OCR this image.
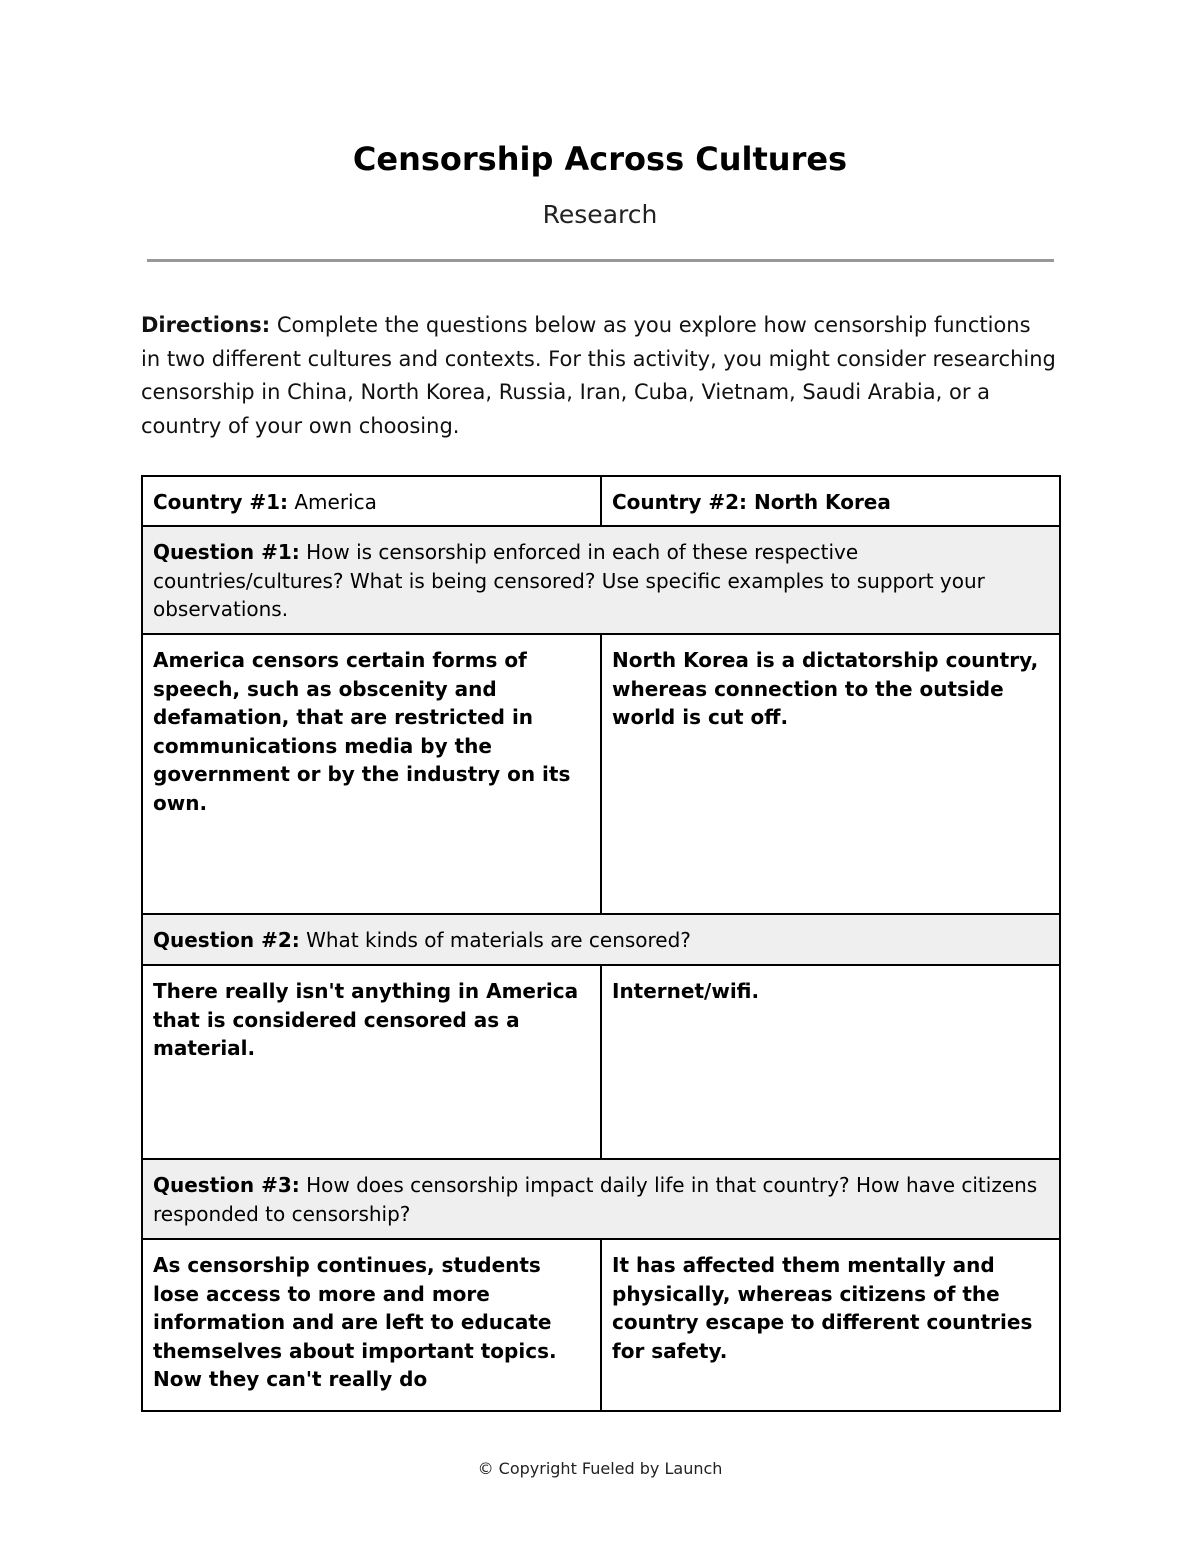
Censorship Across Cultures
Research
Directions: Complete the questions below as you explore how censorship functions in two different cultures and contexts. For this activity, you might consider researching censorship in China, North Korea, Russia, Iran, Cuba, Vietnam, Saudi Arabia, or a country of your own choosing.
Country #1: America	Country #2: North Korea
Question #1: How is censorship enforced in each of these respective countries/cultures? What is being censored? Use specific examples to support your observations.	
America censors certain forms of speech, such as obscenity and defamation, that are restricted in communications media by the government or by the industry on its own.	North Korea is a dictatorship country, whereas connection to the outside world is cut off.
Question #2: What kinds of materials are censored?	
There really isn't anything in America that is considered censored as a material.	Internet/wifi.
Question #3: How does censorship impact daily life in that country? How have citizens responded to censorship?	

As censorship continues, students lose access to more and more information and are left to educate themselves about important topics. Now they can't really do	It has affected them mentally and physically, whereas citizens of the country escape to different countries for safety.
© Copyright Fueled by Launch
